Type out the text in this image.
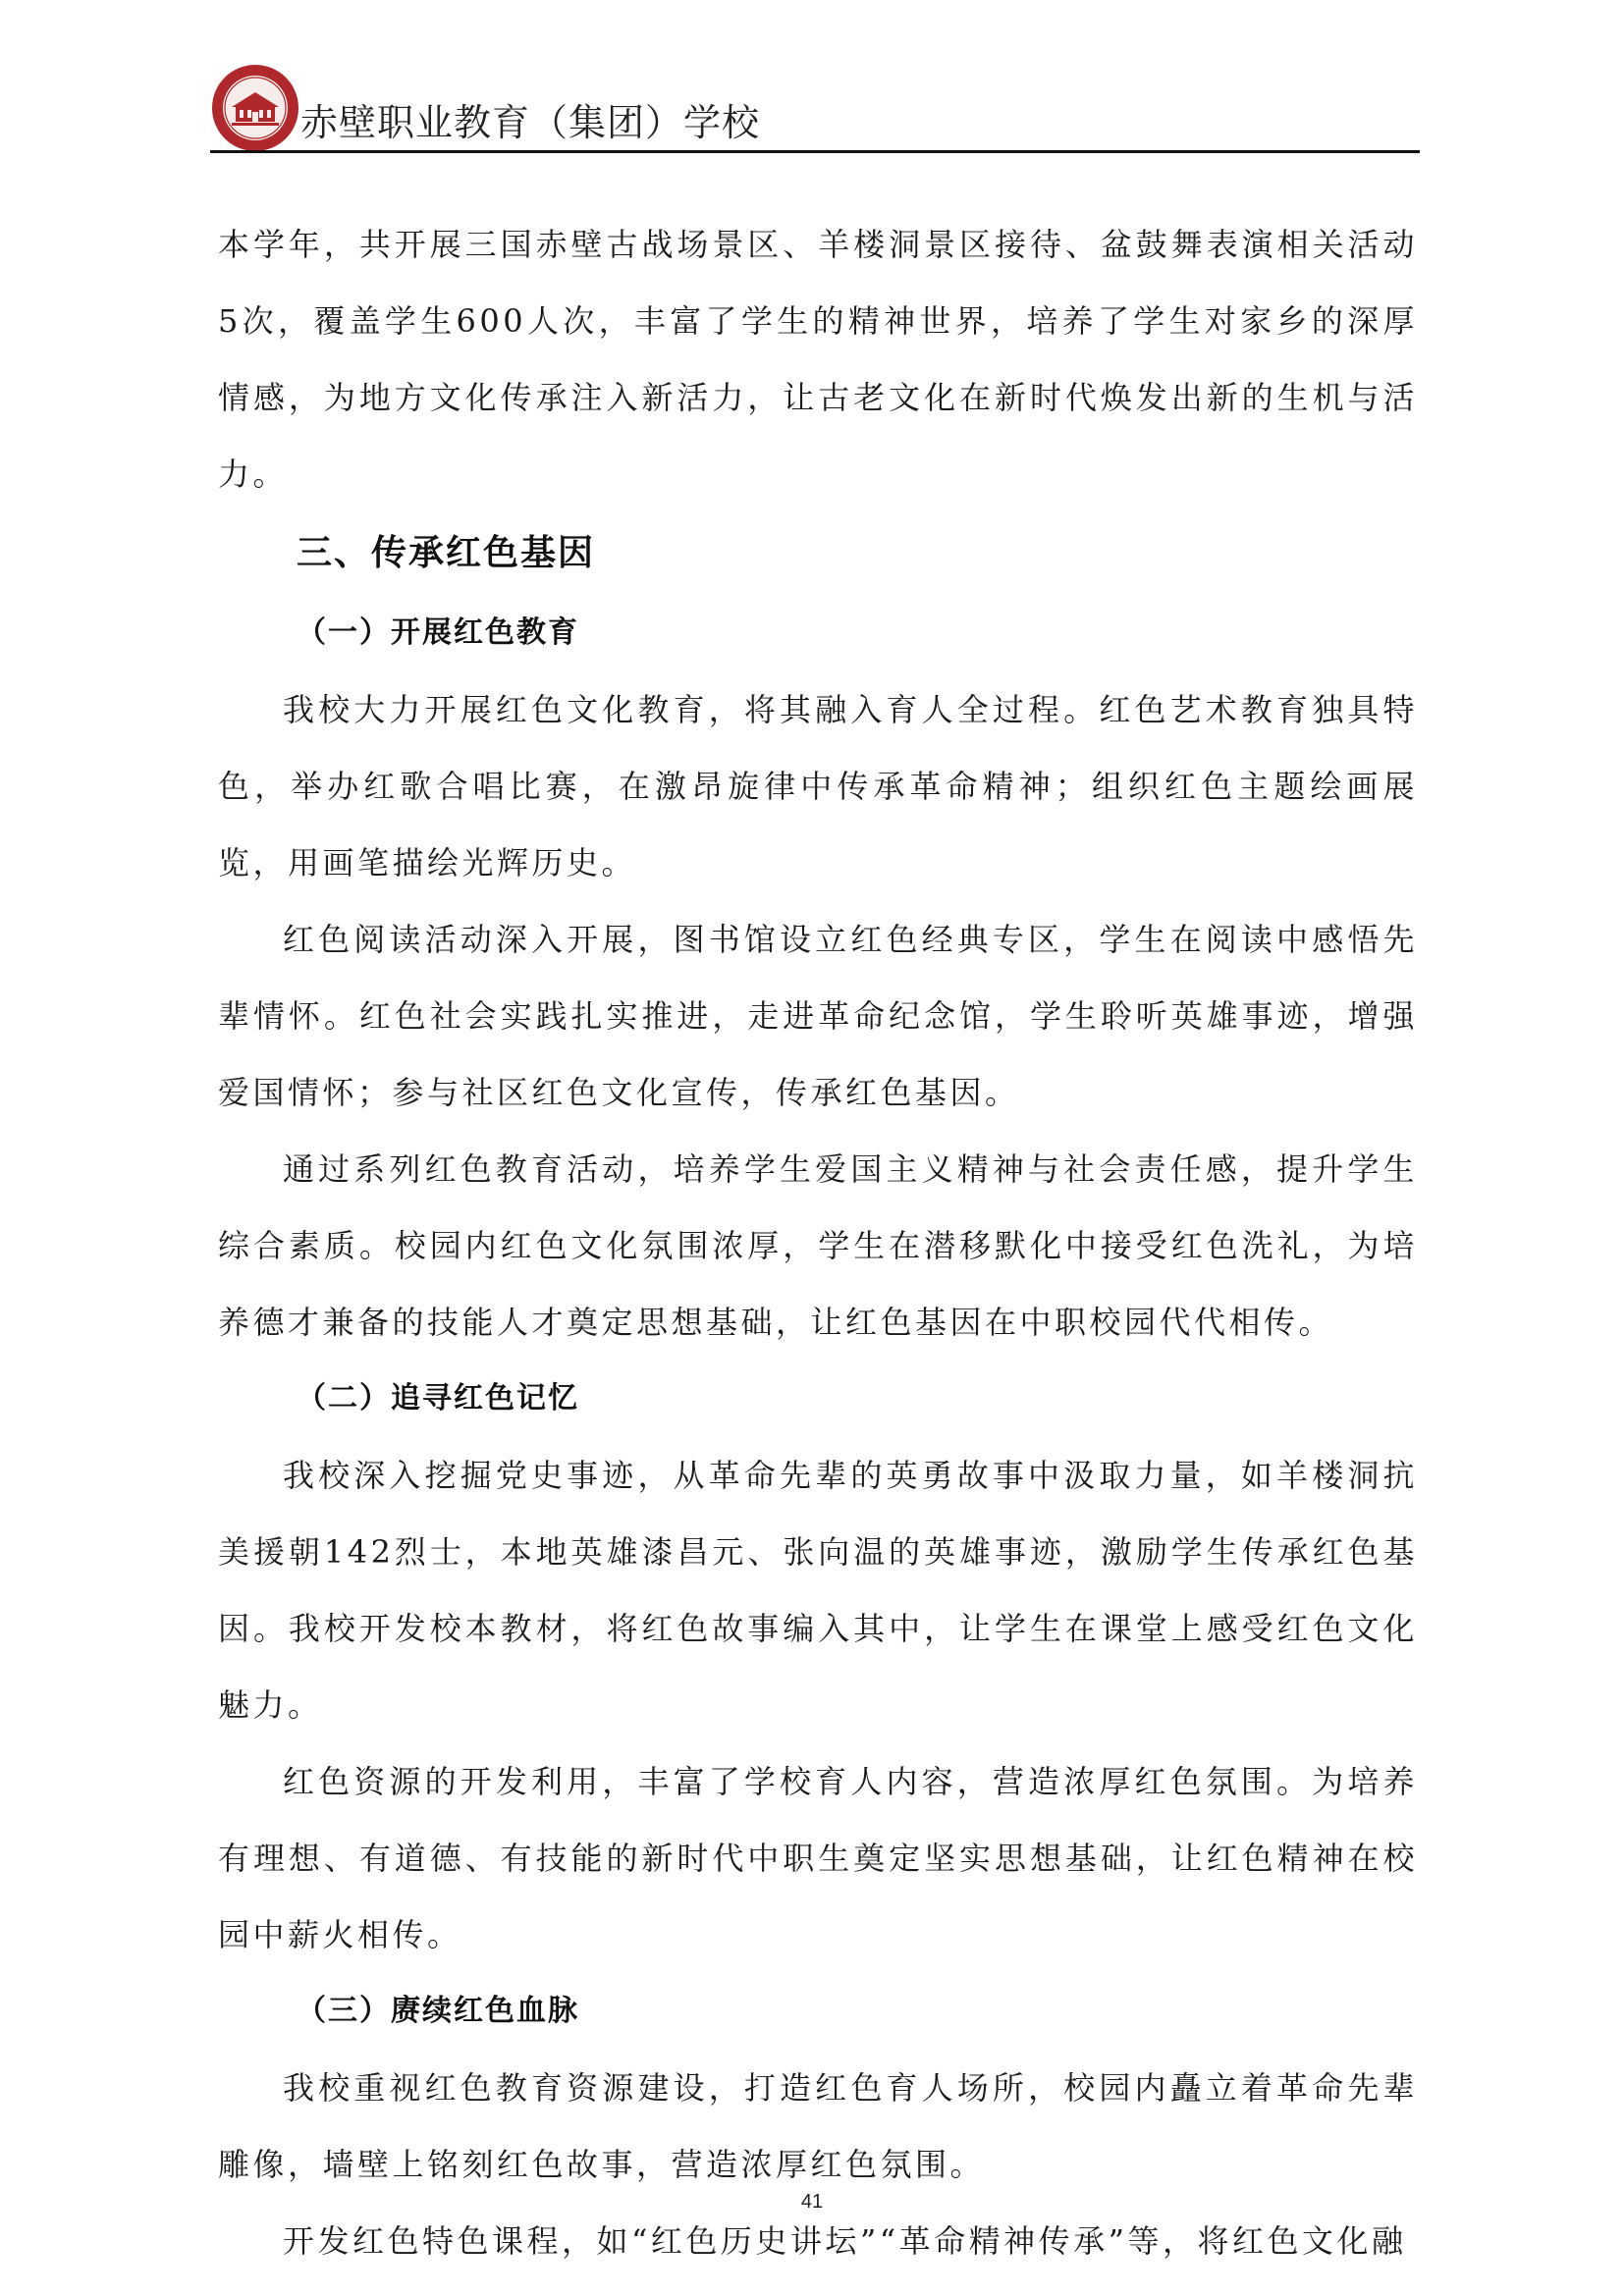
赤壁职业教育（集团）学校

本学年，共开展三国赤壁古战场景区、羊楼洞景区接待、盆鼓舞表演相关活动5次，覆盖学生600人次，丰富了学生的精神世界，培养了学生对家乡的深厚情感，为地方文化传承注入新活力，让古老文化在新时代焕发出新的生机与活力。

三、传承红色基因
（一）开展红色教育

我校大力开展红色文化教育，将其融入育人全过程。红色艺术教育独具特色，举办红歌合唱比赛，在激昂旋律中传承革命精神；组织红色主题绘画展览，用画笔描绘光辉历史。

红色阅读活动深入开展，图书馆设立红色经典专区，学生在阅读中感悟先辈情怀。红色社会实践扎实推进，走进革命纪念馆，学生聆听英雄事迹，增强爱国情怀；参与社区红色文化宣传，传承红色基因。

通过系列红色教育活动，培养学生爱国主义精神与社会责任感，提升学生综合素质。校园内红色文化氛围浓厚，学生在潜移默化中接受红色洗礼，为培养德才兼备的技能人才奠定思想基础，让红色基因在中职校园代代相传。

（二）追寻红色记忆

我校深入挖掘党史事迹，从革命先辈的英勇故事中汲取力量，如羊楼洞抗美援朝142烈士，本地英雄漆昌元、张向温的英雄事迹，激励学生传承红色基因。我校开发校本教材，将红色故事编入其中，让学生在课堂上感受红色文化魅力。

红色资源的开发利用，丰富了学校育人内容，营造浓厚红色氛围。为培养有理想、有道德、有技能的新时代中职生奠定坚实思想基础，让红色精神在校园中薪火相传。

（三）赓续红色血脉

我校重视红色教育资源建设，打造红色育人场所，校园内矗立着革命先辈雕像，墙壁上铭刻红色故事，营造浓厚红色氛围。

开发红色特色课程，如“红色历史讲坛”“革命精神传承”等，将红色文化融

41
